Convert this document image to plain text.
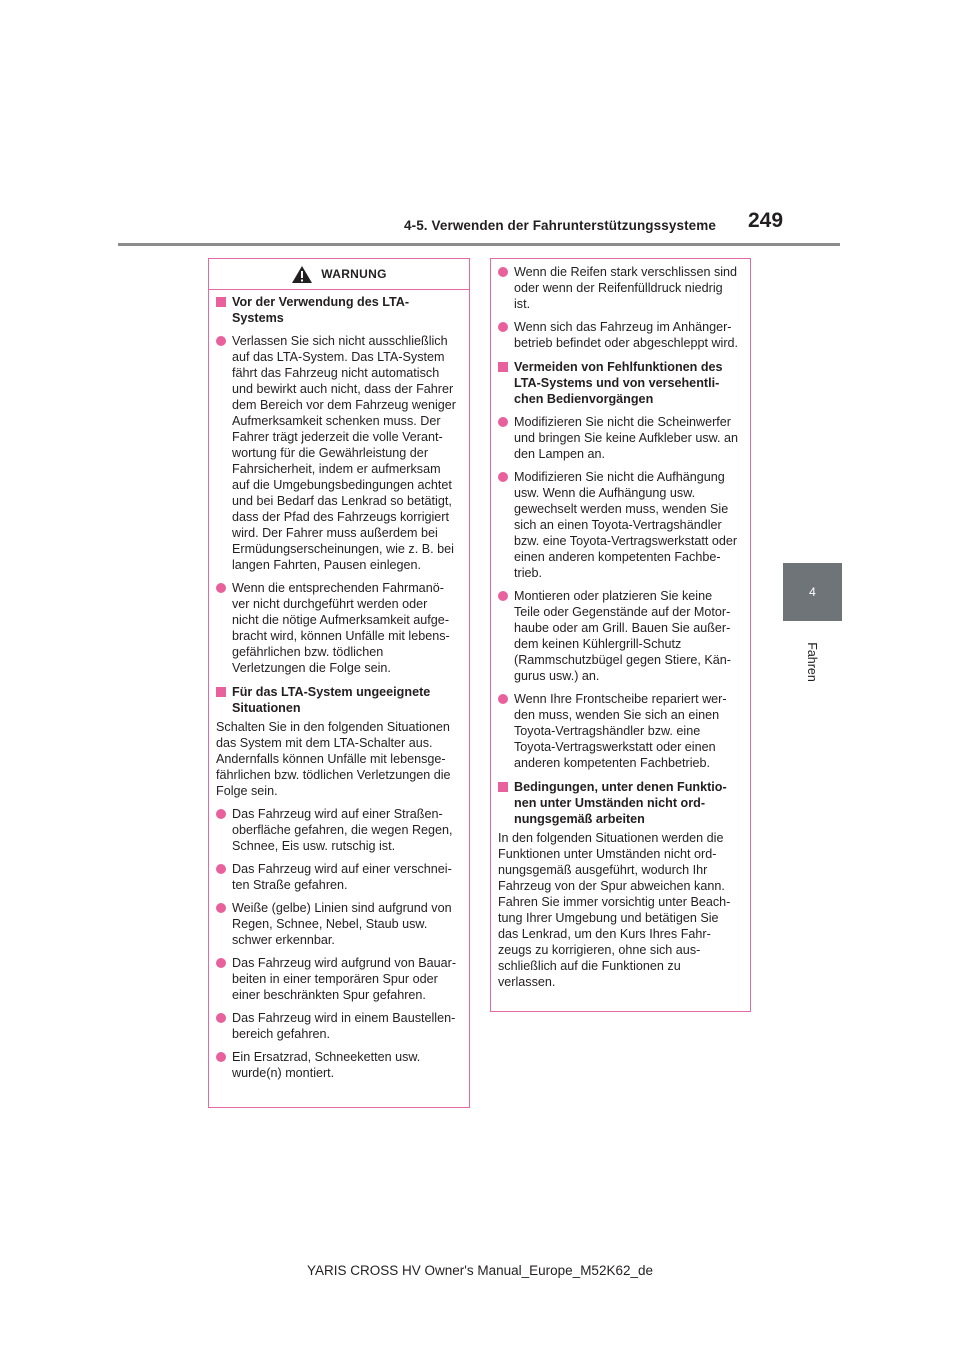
4-5. Verwenden der Fahrunterstützungssysteme 249
4
Fahren
WARNUNG
Vor der Verwendung des LTA-
Systems
Verlassen Sie sich nicht ausschließlich
auf das LTA-System. Das LTA-System
fährt das Fahrzeug nicht automatisch
und bewirkt auch nicht, dass der Fahrer
dem Bereich vor dem Fahrzeug weniger
Aufmerksamkeit schenken muss. Der
Fahrer trägt jederzeit die volle Verant-
wortung für die Gewährleistung der
Fahrsicherheit, indem er aufmerksam
auf die Umgebungsbedingungen achtet
und bei Bedarf das Lenkrad so betätigt,
dass der Pfad des Fahrzeugs korrigiert
wird. Der Fahrer muss außerdem bei
Ermüdungserscheinungen, wie z. B. bei
langen Fahrten, Pausen einlegen.
Wenn die entsprechenden Fahrmanö-
ver nicht durchgeführt werden oder
nicht die nötige Aufmerksamkeit aufge-
bracht wird, können Unfälle mit lebens-
gefährlichen bzw. tödlichen
Verletzungen die Folge sein.
Für das LTA-System ungeeignete
Situationen
Schalten Sie in den folgenden Situationen
das System mit dem LTA-Schalter aus.
Andernfalls können Unfälle mit lebensge-
fährlichen bzw. tödlichen Verletzungen die
Folge sein.
Das Fahrzeug wird auf einer Straßen-
oberfläche gefahren, die wegen Regen,
Schnee, Eis usw. rutschig ist.
Das Fahrzeug wird auf einer verschnei-
ten Straße gefahren.
Weiße (gelbe) Linien sind aufgrund von
Regen, Schnee, Nebel, Staub usw.
schwer erkennbar.
Das Fahrzeug wird aufgrund von Bauar-
beiten in einer temporären Spur oder
einer beschränkten Spur gefahren.
Das Fahrzeug wird in einem Baustellen-
bereich gefahren.
Ein Ersatzrad, Schneeketten usw.
wurde(n) montiert.
Wenn die Reifen stark verschlissen sind
oder wenn der Reifenfülldruck niedrig
ist.
Wenn sich das Fahrzeug im Anhänger-
betrieb befindet oder abgeschleppt wird.
Vermeiden von Fehlfunktionen des
LTA-Systems und von versehentli-
chen Bedienvorgängen
Modifizieren Sie nicht die Scheinwerfer
und bringen Sie keine Aufkleber usw. an
den Lampen an.
Modifizieren Sie nicht die Aufhängung
usw. Wenn die Aufhängung usw.
gewechselt werden muss, wenden Sie
sich an einen Toyota-Vertragshändler
bzw. eine Toyota-Vertragswerkstatt oder
einen anderen kompetenten Fachbe-
trieb.
Montieren oder platzieren Sie keine
Teile oder Gegenstände auf der Motor-
haube oder am Grill. Bauen Sie außer-
dem keinen Kühlergrill-Schutz
(Rammschutzbügel gegen Stiere, Kän-
gurus usw.) an.
Wenn Ihre Frontscheibe repariert wer-
den muss, wenden Sie sich an einen
Toyota-Vertragshändler bzw. eine
Toyota-Vertragswerkstatt oder einen
anderen kompetenten Fachbetrieb.
Bedingungen, unter denen Funktio-
nen unter Umständen nicht ord-
nungsgemäß arbeiten
In den folgenden Situationen werden die
Funktionen unter Umständen nicht ord-
nungsgemäß ausgeführt, wodurch Ihr
Fahrzeug von der Spur abweichen kann.
Fahren Sie immer vorsichtig unter Beach-
tung Ihrer Umgebung und betätigen Sie
das Lenkrad, um den Kurs Ihres Fahr-
zeugs zu korrigieren, ohne sich aus-
schließlich auf die Funktionen zu
verlassen.
YARIS CROSS HV Owner's Manual_Europe_M52K62_de
